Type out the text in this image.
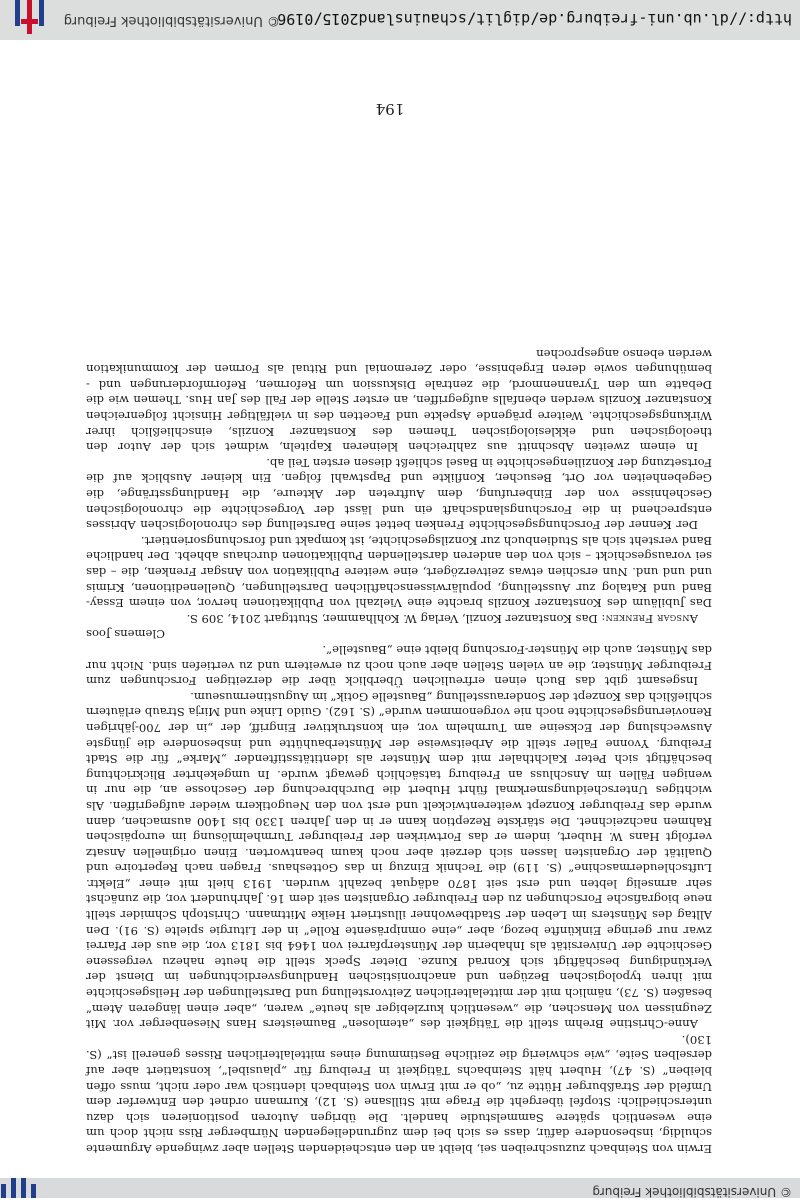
© Universitätsbibliothek Freiburg

Erwin von Steinbach zuzuschreiben sei, bleibt an den entscheidenden Stellen aber zwingende Argumente schuldig, insbesondere dafür, dass es sich bei dem zugrundeliegenden Nürnberger Riss nicht doch um eine wesentlich spätere Sammelstudie handelt. Die übrigen Autoren positionieren sich dazu unterschiedlich: Stopfel übergeht die Frage mit Stillsane (S. 12), Kurmann ordnet den Entwerfer dem Umfeld der Straßburger Hütte zu, „ob er mit Erwin von Steinbach identisch war oder nicht, muss offen bleiben“ (S. 47), Hubert hält Steinbachs Tätigkeit in Freiburg für „plausibel“, konstatiert aber auf derselben Seite, „wie schwierig die zeitliche Bestimmung eines mittelalterlichen Risses generell ist“ (S. 130).

Anne-Christine Brehm stellt die Tätigkeit des „atemlosen“ Baumeisters Hans Niesenberger vor. Mit Zeugnissen von Menschen, die „wesentlich kurzlebiger als heute“ waren, „aber einen längeren Atem“ besaßen (S. 73), nämlich mit der mittelalterlichen Zeitvorstellung und Darstellungen der Heilsgeschichte mit ihren typologischen Bezügen und anachronistischen Handlungsverdichtungen im Dienst der Verkündigung beschäftigt sich Konrad Kunze. Dieter Speck stellt die heute nahezu vergessene Geschichte der Universität als Inhaberin der Münsterpfarrei von 1464 bis 1813 vor, die aus der Pfarrei zwar nur geringe Einkünfte bezog, aber „eine omnipräsente Rolle“ in der Liturgie spielte (S. 91). Den Alltag des Münsters im Leben der Stadtbewohner illustriert Heike Mittmann. Christoph Schmider stellt neue biografische Forschungen zu den Freiburger Organisten seit dem 16. Jahrhundert vor, die zunächst sehr armselig lebten und erst seit 1870 adäquat bezahlt wurden. 1913 hielt mit einer „Elektr. Luftschleudermaschine“ (S. 119) die Technik Einzug in das Gotteshaus. Fragen nach Repertoire und Qualität der Organisten lassen sich derzeit aber noch kaum beantworten. Einen originellen Ansatz verfolgt Hans W. Hubert, indem er das Fortwirken der Freiburger Turmhelmlösung im europäischen Rahmen nachzeichnet. Die stärkste Rezeption kann er in den Jahren 1330 bis 1400 ausmachen, dann wurde das Freiburger Konzept weiterentwickelt und erst von den Neugotikern wieder aufgegriffen. Als wichtiges Unterscheidungsmerkmal führt Hubert die Durchbrechung der Geschosse an, die nur in wenigen Fällen im Anschluss an Freiburg tatsächlich gewagt wurde. In umgekehrter Blickrichtung beschäftigt sich Peter Kalchthaler mit dem Münster als identitätsstiftender „Marke“ für die Stadt Freiburg. Yvonne Faller stellt die Arbeitsweise der Münsterbauhütte und insbesondere die jüngste Auswechslung der Eckseine am Turmhelm vor, ein konstruktiver Eingriff, der „in der 700-jährigen Renovierungsgeschichte noch nie vorgenommen wurde“ (S. 162). Guido Linke und Mirja Straub erläutern schließlich das Konzept der Sonderausstellung „Baustelle Gotik“ im Augustinermuseum.

Insgesamt gibt das Buch einen erfreulichen Überblick über die derzeitigen Forschungen zum Freiburger Münster, die an vielen Stellen aber auch noch zu erweitern und zu vertiefen sind. Nicht nur das Münster, auch die Münster-Forschung bleibt eine „Baustelle“.

Clemens Joos

Ansgar Frenken: Das Konstanzer Konzil, Verlag W. Kohlhammer, Stuttgart 2014, 309 S.

Das Jubiläum des Konstanzer Konzils brachte eine Vielzahl von Publikationen hervor, von einem Essay-Band und Katalog zur Ausstellung, populärwissenschaftlichen Darstellungen, Quelleneditionen, Krimis und und und. Nun erschien etwas zeitverzögert, eine weitere Publikation von Ansgar Frenken, die – das sei vorausgeschickt – sich von den anderen darstellenden Publikationen durchaus abhebt. Der handliche Band versteht sich als Studienbuch zur Konzilsgeschichte, ist kompakt und forschungsorientiert.

Der Kenner der Forschungsgeschichte Frenken bettet seine Darstellung des chronologischen Abrisses entsprechend in die Forschungslandschaft ein und lässt der Vorgeschichte die chronologischen Geschehnisse von der Einberufung, dem Auftreten der Akteure, die Handlungsstränge, die Gegebenheiten vor Ort, Besucher, Konflikte und Papstwahl folgen. Ein kleiner Ausblick auf die Fortsetzung der Konziliengeschichte in Basel schließt diesen ersten Teil ab.

In einem zweiten Abschnitt aus zahlreichen kleineren Kapiteln, widmet sich der Autor den theologischen und ekklesiologischen Themen des Konstanzer Konzils, einschließlich ihrer Wirkungsgeschichte. Weitere prägende Aspekte und Facetten des in vielfältiger Hinsicht folgenreichen Konstanzer Konzils werden ebenfalls aufgegriffen, an erster Stelle der Fall des Jan Hus. Themen wie die Debatte um den Tyrannenmord, die zentrale Diskussion um Reformen, Reformforderungen und -bemühungen sowie deren Ergebnisse, oder Zeremonial und Ritual als Formen der Kommunikation werden ebenso angesprochen

194
http://dl.ub.uni-freiburg.de/diglit/schauinsland2015/0196
© Universitätsbibliothek Freiburg
